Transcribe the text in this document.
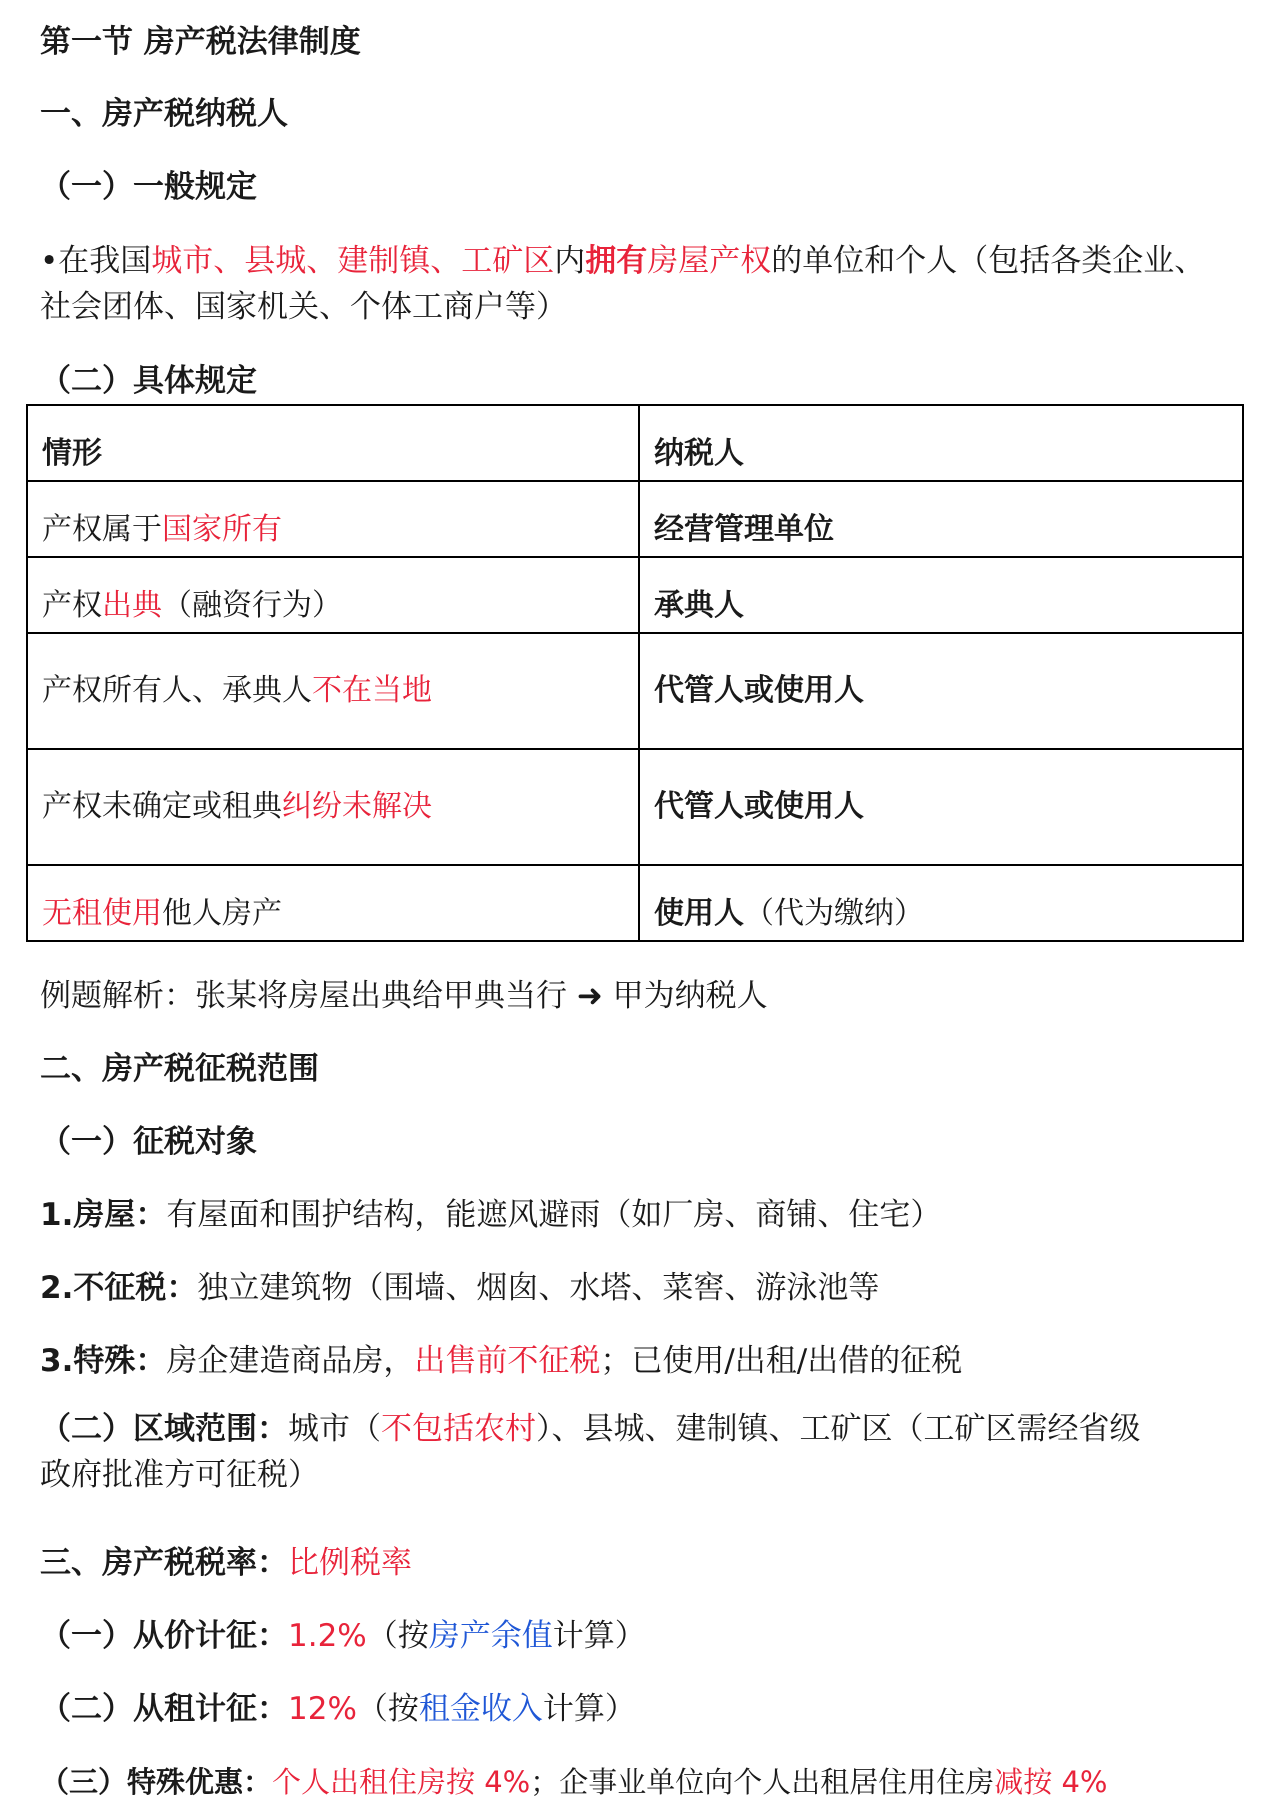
第一节 房产税法律制度
一、房产税纳税人
（一）一般规定
•在我国城市、县城、建制镇、工矿区内拥有房屋产权的单位和个人（包括各类企业、
社会团体、国家机关、个体工商户等）
（二）具体规定
情形	纳税人

产权属于国家所有	经营管理单位

产权出典（融资行为）	承典人

产权所有人、承典人不在当地	代管人或使用人
产权未确定或租典纠纷未解决	代管人或使用人

无租使用他人房产	使用人（代为缴纳）
例题解析：张某将房屋出典给甲典当行 ➜ 甲为纳税人
二、房产税征税范围
（一）征税对象
1.房屋：有屋面和围护结构，能遮风避雨（如厂房、商铺、住宅）
2.不征税：独立建筑物（围墙、烟囱、水塔、菜窖、游泳池等
3.特殊：房企建造商品房，出售前不征税；已使用/出租/出借的征税
（二）区域范围：城市（不包括农村）、县城、建制镇、工矿区（工矿区需经省级
政府批准方可征税）
三、房产税税率：比例税率
（一）从价计征：1.2%（按房产余值计算）
（二）从租计征：12%（按租金收入计算）
（三）特殊优惠：个人出租住房按 4%；企事业单位向个人出租居住用住房减按 4%
